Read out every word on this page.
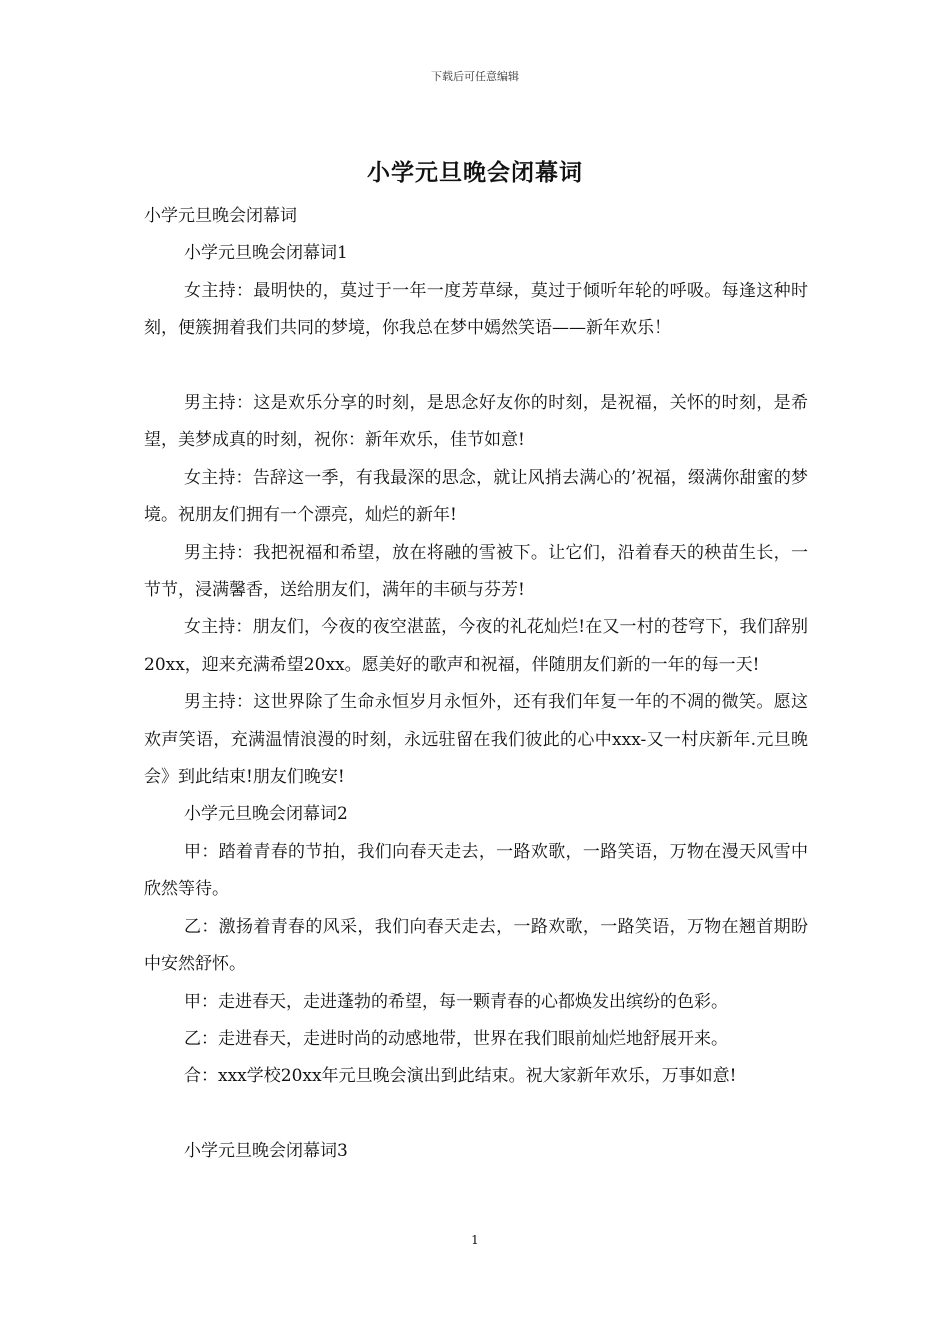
下载后可任意编辑
小学元旦晚会闭幕词

小学元旦晚会闭幕词

小学元旦晚会闭幕词1

女主持：最明快的，莫过于一年一度芳草绿，莫过于倾听年轮的呼吸。每逢这种时刻，便簇拥着我们共同的梦境，你我总在梦中嫣然笑语——新年欢乐！

男主持：这是欢乐分享的时刻，是思念好友你的时刻，是祝福，关怀的时刻，是希望，美梦成真的时刻，祝你：新年欢乐，佳节如意!

女主持：告辞这一季，有我最深的思念，就让风捎去满心的’祝福，缀满你甜蜜的梦境。祝朋友们拥有一个漂亮，灿烂的新年!

男主持：我把祝福和希望，放在将融的雪被下。让它们，沿着春天的秧苗生长，一节节，浸满馨香，送给朋友们，满年的丰硕与芬芳!

女主持：朋友们，今夜的夜空湛蓝，今夜的礼花灿烂!在又一村的苍穹下，我们辞别20xx，迎来充满希望20xx。愿美好的歌声和祝福，伴随朋友们新的一年的每一天!

男主持：这世界除了生命永恒岁月永恒外，还有我们年复一年的不凋的微笑。愿这欢声笑语，充满温情浪漫的时刻，永远驻留在我们彼此的心中xxx-又一村庆新年.元旦晚会》到此结束!朋友们晚安!

小学元旦晚会闭幕词2

甲：踏着青春的节拍，我们向春天走去，一路欢歌，一路笑语，万物在漫天风雪中欣然等待。

乙：激扬着青春的风采，我们向春天走去，一路欢歌，一路笑语，万物在翘首期盼中安然舒怀。

甲：走进春天，走进蓬勃的希望，每一颗青春的心都焕发出缤纷的色彩。

乙：走进春天，走进时尚的动感地带，世界在我们眼前灿烂地舒展开来。

合：xxx学校20xx年元旦晚会演出到此结束。祝大家新年欢乐，万事如意!

小学元旦晚会闭幕词3

1
